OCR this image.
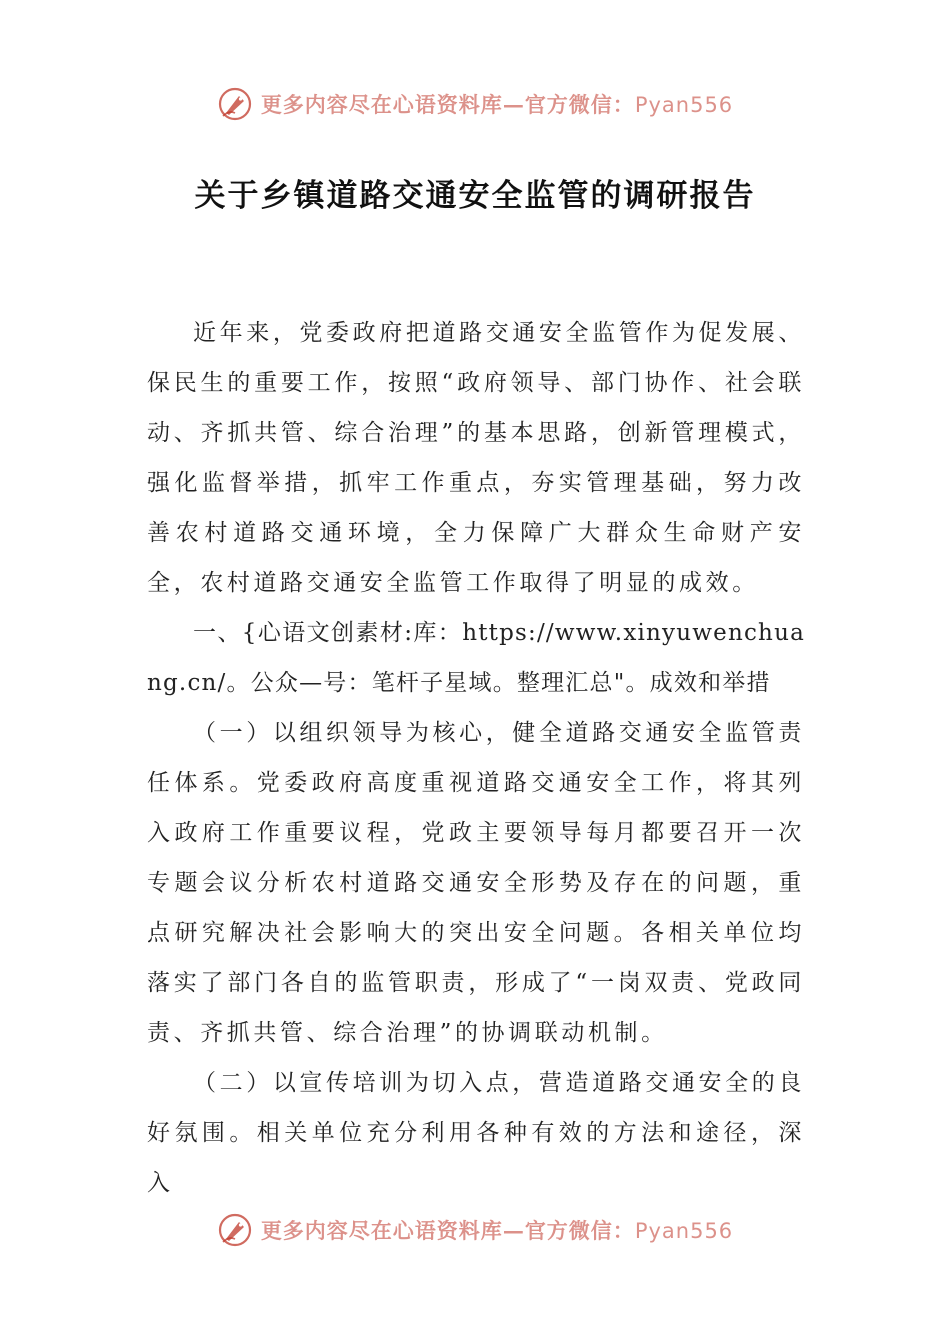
更多内容尽在心语资料库—官方微信：Pyan556
关于乡镇道路交通安全监管的调研报告

近年来，党委政府把道路交通安全监管作为促发展、保民生的重要工作，按照“政府领导、部门协作、社会联动、齐抓共管、综合治理”的基本思路，创新管理模式，强化监督举措，抓牢工作重点，夯实管理基础，努力改善农村道路交通环境，全力保障广大群众生命财产安全，农村道路交通安全监管工作取得了明显的成效。

一、{心语文创素材:库：https://www.xinyuwenchuang.cn/。公众—号：笔杆子星域。整理汇总"。成效和举措

（一）以组织领导为核心，健全道路交通安全监管责任体系。党委政府高度重视道路交通安全工作，将其列入政府工作重要议程，党政主要领导每月都要召开一次专题会议分析农村道路交通安全形势及存在的问题，重点研究解决社会影响大的突出安全问题。各相关单位均落实了部门各自的监管职责，形成了“一岗双责、党政同责、齐抓共管、综合治理”的协调联动机制。

（二）以宣传培训为切入点，营造道路交通安全的良好氛围。相关单位充分利用各种有效的方法和途径，深入

更多内容尽在心语资料库—官方微信：Pyan556
